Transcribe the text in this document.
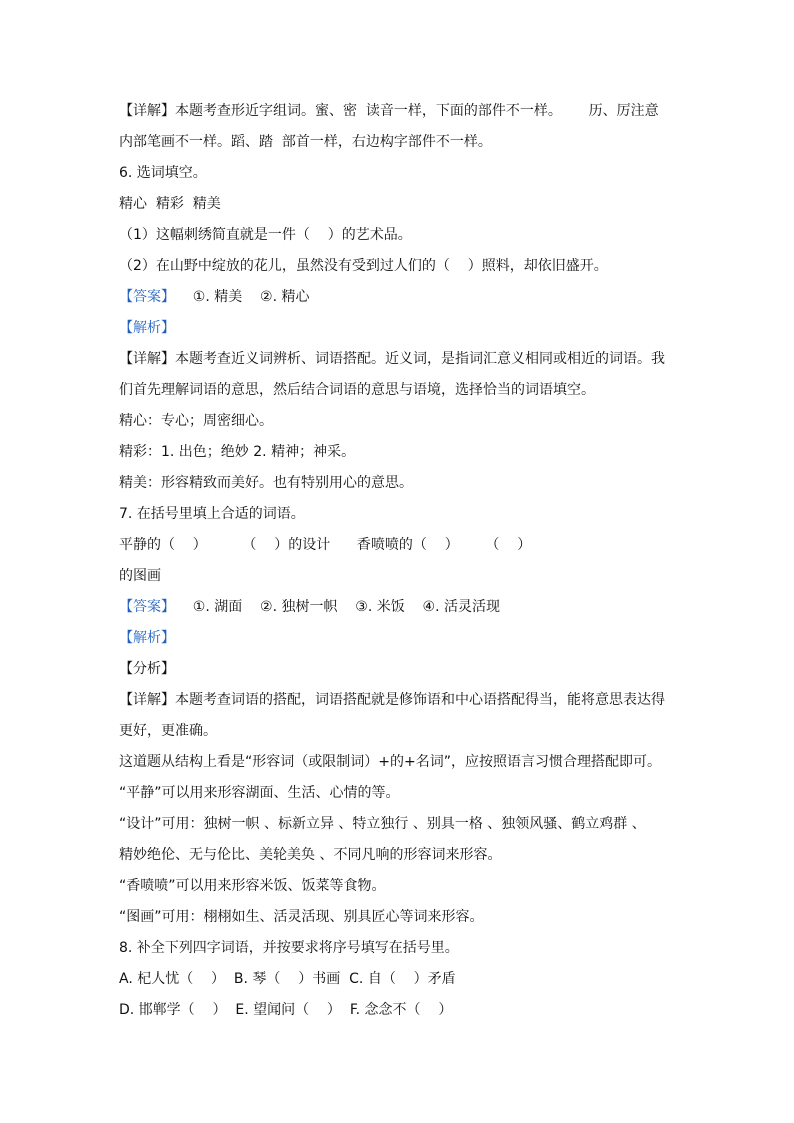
【详解】本题考查形近字组词。蜜、密  读音一样，下面的部件不一样。      历、厉注意
内部笔画不一样。蹈、踏  部首一样，右边构字部件不一样。
6. 选词填空。
精心  精彩  精美
（1）这幅刺绣简直就是一件（    ）的艺术品。
（2）在山野中绽放的花儿，虽然没有受到过人们的（    ）照料，却依旧盛开。
【答案】    ①. 精美    ②. 精心
【解析】
【详解】本题考查近义词辨析、词语搭配。近义词，是指词汇意义相同或相近的词语。我
们首先理解词语的意思，然后结合词语的意思与语境，选择恰当的词语填空。
精心：专心；周密细心。
精彩：1. 出色；绝妙 2. 精神；神采。
精美：形容精致而美好。也有特别用心的意思。
7. 在括号里填上合适的词语。
平静的（    ）        （    ）的设计      香喷喷的（    ）      （    ）
的图画
【答案】    ①. 湖面    ②. 独树一帜    ③. 米饭    ④. 活灵活现
【解析】
【分析】
【详解】本题考查词语的搭配，词语搭配就是修饰语和中心语搭配得当，能将意思表达得
更好，更准确。
这道题从结构上看是“形容词（或限制词）+的+名词”，应按照语言习惯合理搭配即可。
“平静”可以用来形容湖面、生活、心情的等。
“设计”可用：独树一帜 、标新立异 、特立独行 、别具一格 、独领风骚、鹤立鸡群 、
精妙绝伦、无与伦比、美轮美奂 、不同凡响的形容词来形容。
“香喷喷”可以用来形容米饭、饭菜等食物。
“图画”可用：栩栩如生、活灵活现、别具匠心等词来形容。
8. 补全下列四字词语，并按要求将序号填写在括号里。
A. 杞人忧（    ）  B. 琴（    ）书画  C. 自（    ）矛盾
D. 邯郸学（    ）  E. 望闻问（    ）  F. 念念不（    ）
